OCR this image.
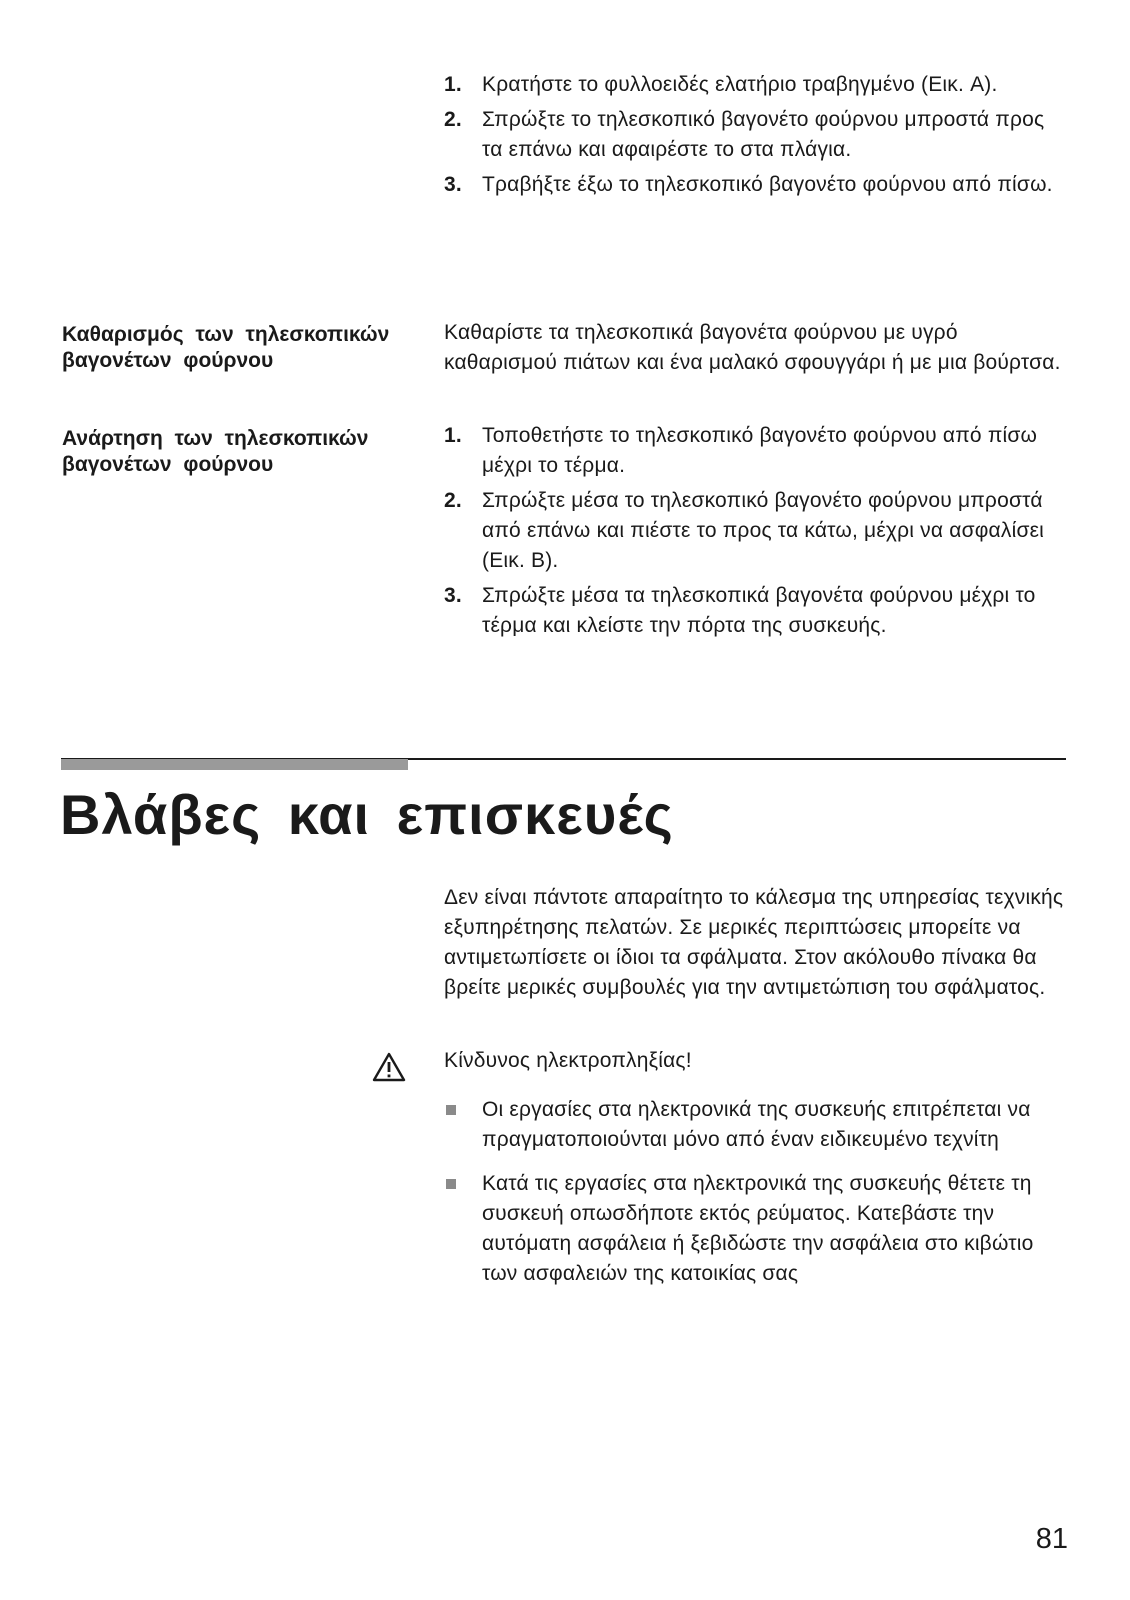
1. Κρατήστε το φυλλοειδές ελατήριο τραβηγμένο (Εικ. A).
2. Σπρώξτε το τηλεσκοπικό βαγονέτο φούρνου μπροστά προς τα επάνω και αφαιρέστε το στα πλάγια.
3. Τραβήξτε έξω το τηλεσκοπικό βαγονέτο φούρνου από πίσω.
Καθαρισμός των τηλεσκοπικών βαγονέτων φούρνου
Καθαρίστε τα τηλεσκοπικά βαγονέτα φούρνου με υγρό καθαρισμού πιάτων και ένα μαλακό σφουγγάρι ή με μια βούρτσα.
Ανάρτηση των τηλεσκοπικών βαγονέτων φούρνου
1. Τοποθετήστε το τηλεσκοπικό βαγονέτο φούρνου από πίσω μέχρι το τέρμα.
2. Σπρώξτε μέσα το τηλεσκοπικό βαγονέτο φούρνου μπροστά από επάνω και πιέστε το προς τα κάτω, μέχρι να ασφαλίσει (Εικ. B).
3. Σπρώξτε μέσα τα τηλεσκοπικά βαγονέτα φούρνου μέχρι το τέρμα και κλείστε την πόρτα της συσκευής.
Βλάβες και επισκευές
Δεν είναι πάντοτε απαραίτητο το κάλεσμα της υπηρεσίας τεχνικής εξυπηρέτησης πελατών. Σε μερικές περιπτώσεις μπορείτε να αντιμετωπίσετε οι ίδιοι τα σφάλματα. Στον ακόλουθο πίνακα θα βρείτε μερικές συμβουλές για την αντιμετώπιση του σφάλματος.
Κίνδυνος ηλεκτροπληξίας!
Οι εργασίες στα ηλεκτρονικά της συσκευής επιτρέπεται να πραγματοποιούνται μόνο από έναν ειδικευμένο τεχνίτη
Κατά τις εργασίες στα ηλεκτρονικά της συσκευής θέτετε τη συσκευή οπωσδήποτε εκτός ρεύματος. Κατεβάστε την αυτόματη ασφάλεια ή ξεβιδώστε την ασφάλεια στο κιβώτιο των ασφαλειών της κατοικίας σας
81
